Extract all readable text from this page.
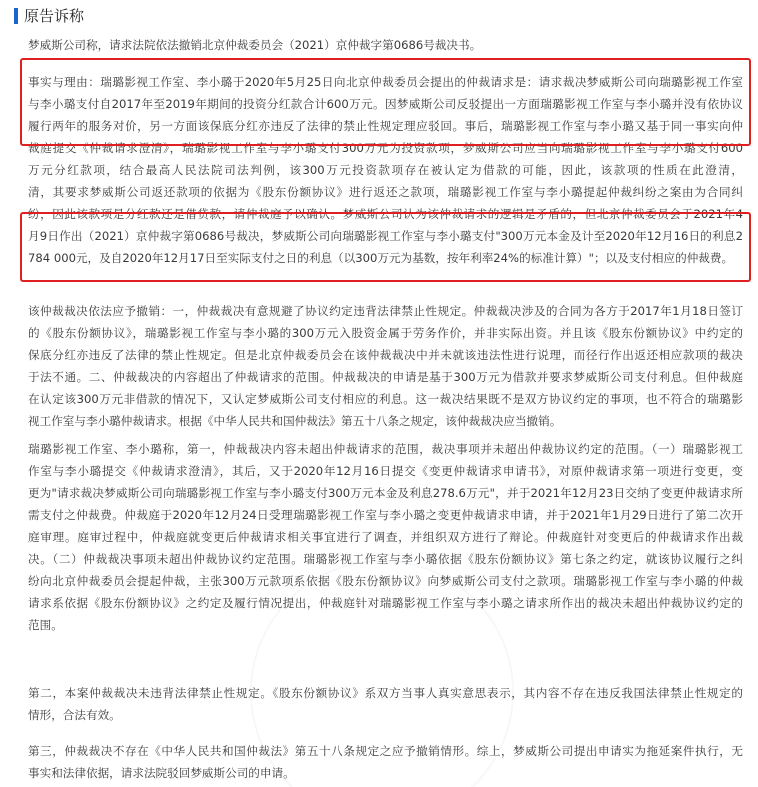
原告诉称
梦威斯公司称，请求法院依法撤销北京仲裁委员会（2021）京仲裁字第0686号裁决书。
事实与理由：瑞璐影视工作室、李小璐于2020年5月25日向北京仲裁委员会提出的仲裁请求是：请求裁决梦威斯公司向瑞璐影视工作室
与李小璐支付自2017年至2019年期间的投资分红款合计600万元。因梦威斯公司反驳提出一方面瑞璐影视工作室与李小璐并没有依协议
履行两年的服务对价，另一方面该保底分红亦违反了法律的禁止性规定理应驳回。事后，瑞璐影视工作室与李小璐又基于同一事实向仲
裁庭提交《仲裁请求澄清》，瑞璐影视工作室与李小璐支付300万元为投资款项，梦威斯公司应当向瑞璐影视工作室与李小璐支付600
万元分红款项，结合最高人民法院司法判例，该300万元投资款项存在被认定为借款的可能，因此，该款项的性质在此澄清，
清，其要求梦威斯公司返还款项的依据为《股东份额协议》进行返还之款项，瑞璐影视工作室与李小璐提起仲裁纠纷之案由为合同纠
纷，因此该款项是分红款还是借贷款，请仲裁庭予以确认。梦威斯公司认为该仲裁请求的逻辑是矛盾的，但北京仲裁委员会于2021年4
月9日作出（2021）京仲裁字第0686号裁决，梦威斯公司向瑞璐影视工作室与李小璐支付"300万元本金及计至2020年12月16日的利息2
784 000元，及自2020年12月17日至实际支付之日的利息（以300万元为基数，按年利率24%的标准计算）"；以及支付相应的仲裁费。
该仲裁裁决依法应予撤销：一，仲裁裁决有意规避了协议约定违背法律禁止性规定。仲裁裁决涉及的合同为各方于2017年1月18日签订
的《股东份额协议》，瑞璐影视工作室与李小璐的300万元入股资金属于劳务作价，并非实际出资。并且该《股东份额协议》中约定的
保底分红亦违反了法律的禁止性规定。但是北京仲裁委员会在该仲裁裁决中并未就该违法性进行说理，而径行作出返还相应款项的裁决
于法不通。二、仲裁裁决的内容超出了仲裁请求的范围。仲裁裁决的申请是基于300万元为借款并要求梦威斯公司支付利息。但仲裁庭
在认定该300万元非借款的情况下，又认定梦威斯公司支付相应的利息。这一裁决结果既不是双方协议约定的事项，也不符合的瑞璐影
视工作室与李小璐仲裁请求。根据《中华人民共和国仲裁法》第五十八条之规定，该仲裁裁决应当撤销。
瑞璐影视工作室、李小璐称，第一，仲裁裁决内容未超出仲裁请求的范围，裁决事项并未超出仲裁协议约定的范围。（一）瑞璐影视工
作室与李小璐提交《仲裁请求澄清》，其后，又于2020年12月16日提交《变更仲裁请求申请书》，对原仲裁请求第一项进行变更，变
更为"请求裁决梦威斯公司向瑞璐影视工作室与李小璐支付300万元本金及利息278.6万元"，并于2021年12月23日交纳了变更仲裁请求所
需支付之仲裁费。仲裁庭于2020年12月24日受理瑞璐影视工作室与李小璐之变更仲裁请求申请，并于2021年1月29日进行了第二次开
庭审理。庭审过程中，仲裁庭就变更后仲裁请求相关事宜进行了调查，并组织双方进行了辩论。仲裁庭针对变更后的仲裁请求作出裁
决。（二）仲裁裁决事项未超出仲裁协议约定范围。瑞璐影视工作室与李小璐依据《股东份额协议》第七条之约定，就该协议履行之纠
纷向北京仲裁委员会提起仲裁，主张300万元款项系依据《股东份额协议》向梦威斯公司支付之款项。瑞璐影视工作室与李小璐的仲裁
请求系依据《股东份额协议》之约定及履行情况提出，仲裁庭针对瑞璐影视工作室与李小璐之请求所作出的裁决未超出仲裁协议约定的
范围。
第二，本案仲裁裁决未违背法律禁止性规定。《股东份额协议》系双方当事人真实意思表示，其内容不存在违反我国法律禁止性规定的
情形，合法有效。
第三，仲裁裁决不存在《中华人民共和国仲裁法》第五十八条规定之应予撤销情形。综上，梦威斯公司提出申请实为拖延案件执行，无
事实和法律依据，请求法院驳回梦威斯公司的申请。
